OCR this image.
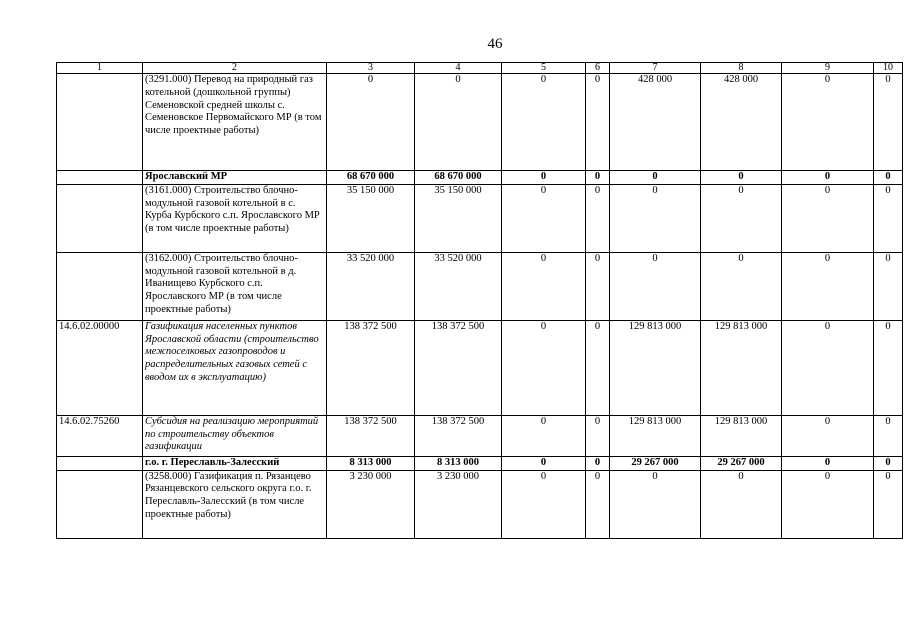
46
1	2	3	4	5	6	7	8	9	10
	(3291.000) Перевод на природный газ котельной (дошкольной группы) Семеновской средней школы с. Семеновское Первомайского МР (в том числе проектные работы)	0	0	0	0	428 000	428 000	0	0
	Ярославский МР	68 670 000	68 670 000	0	0	0	0	0	0
	(3161.000) Строительство блочно-модульной газовой котельной в с. Курба Курбского с.п. Ярославского МР (в том числе проектные работы)	35 150 000	35 150 000	0	0	0	0	0	0
	(3162.000) Строительство блочно-модульной газовой котельной в д. Иванищево Курбского с.п. Ярославского МР (в том числе проектные работы)	33 520 000	33 520 000	0	0	0	0	0	0
14.6.02.00000	Газификация населенных пунктов Ярославской области (строительство межпоселковых газопроводов и распределительных газовых сетей с вводом их в эксплуатацию)	138 372 500	138 372 500	0	0	129 813 000	129 813 000	0	0
14.6.02.75260	Субсидия на реализацию мероприятий по строительству объектов газификации	138 372 500	138 372 500	0	0	129 813 000	129 813 000	0	0
	г.о. г. Переславль-Залесский	8 313 000	8 313 000	0	0	29 267 000	29 267 000	0	0
	(3258.000) Газификация п. Рязанцево Рязанцевского сельского округа г.о. г. Переславль-Залесский (в том числе проектные работы)	3 230 000	3 230 000	0	0	0	0	0	0
